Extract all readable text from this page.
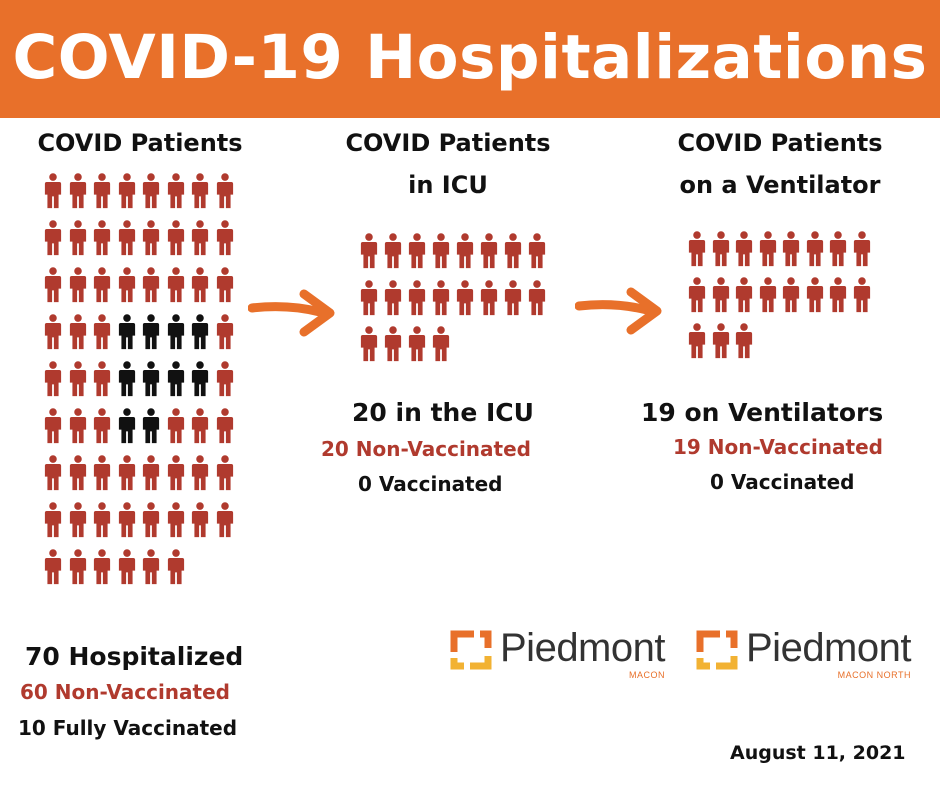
COVID-19 Hospitalizations
COVID Patients	COVID Patients
in ICU
COVID Patients
on a Ventilator
20 in the ICU
20 Non-Vaccinated
0 Vaccinated
19 on Ventilators
19 Non-Vaccinated
0 Vaccinated
70 Hospitalized
60 Non-Vaccinated
10 Fully Vaccinated
Piedmont
MACON
Piedmont
MACON NORTH
August 11, 2021
